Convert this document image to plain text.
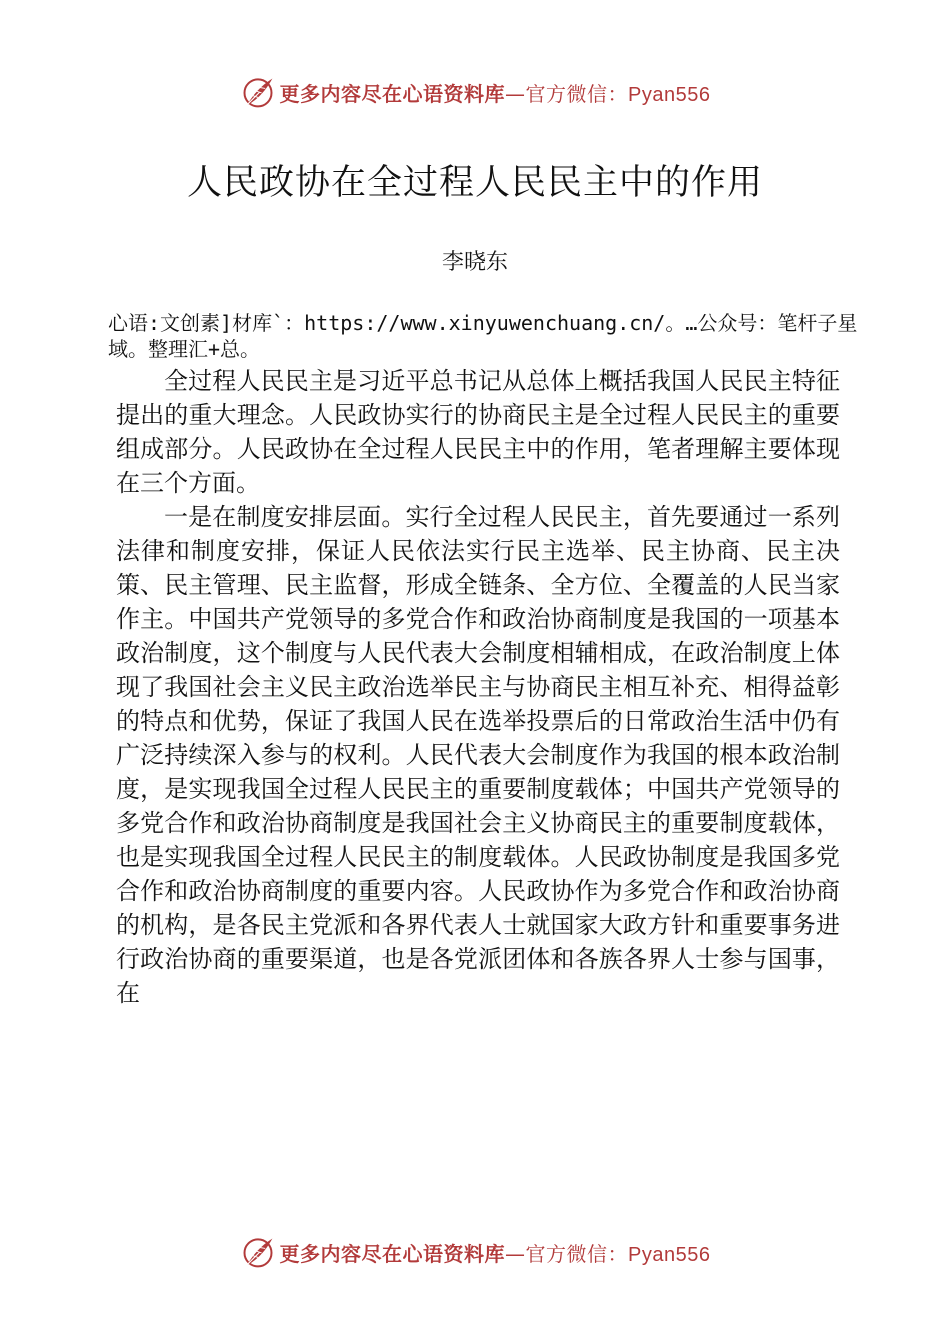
更多内容尽在心语资料库—官方微信：Pyan556
人民政协在全过程人民民主中的作用
李晓东
心语:文创素]材库`：https://www.xinyuwenchuang.cn/。…公众号：笔杆子星域。整理汇+总。

全过程人民民主是习近平总书记从总体上概括我国人民民主特征提出的重大理念。人民政协实行的协商民主是全过程人民民主的重要组成部分。人民政协在全过程人民民主中的作用，笔者理解主要体现在三个方面。

一是在制度安排层面。实行全过程人民民主，首先要通过一系列法律和制度安排，保证人民依法实行民主选举、民主协商、民主决策、民主管理、民主监督，形成全链条、全方位、全覆盖的人民当家作主。中国共产党领导的多党合作和政治协商制度是我国的一项基本政治制度，这个制度与人民代表大会制度相辅相成，在政治制度上体现了我国社会主义民主政治选举民主与协商民主相互补充、相得益彰的特点和优势，保证了我国人民在选举投票后的日常政治生活中仍有广泛持续深入参与的权利。人民代表大会制度作为我国的根本政治制度，是实现我国全过程人民民主的重要制度载体；中国共产党领导的多党合作和政治协商制度是我国社会主义协商民主的重要制度载体，也是实现我国全过程人民民主的制度载体。人民政协制度是我国多党合作和政治协商制度的重要内容。人民政协作为多党合作和政治协商的机构，是各民主党派和各界代表人士就国家大政方针和重要事务进行政治协商的重要渠道，也是各党派团体和各族各界人士参与国事，在

更多内容尽在心语资料库—官方微信：Pyan556
